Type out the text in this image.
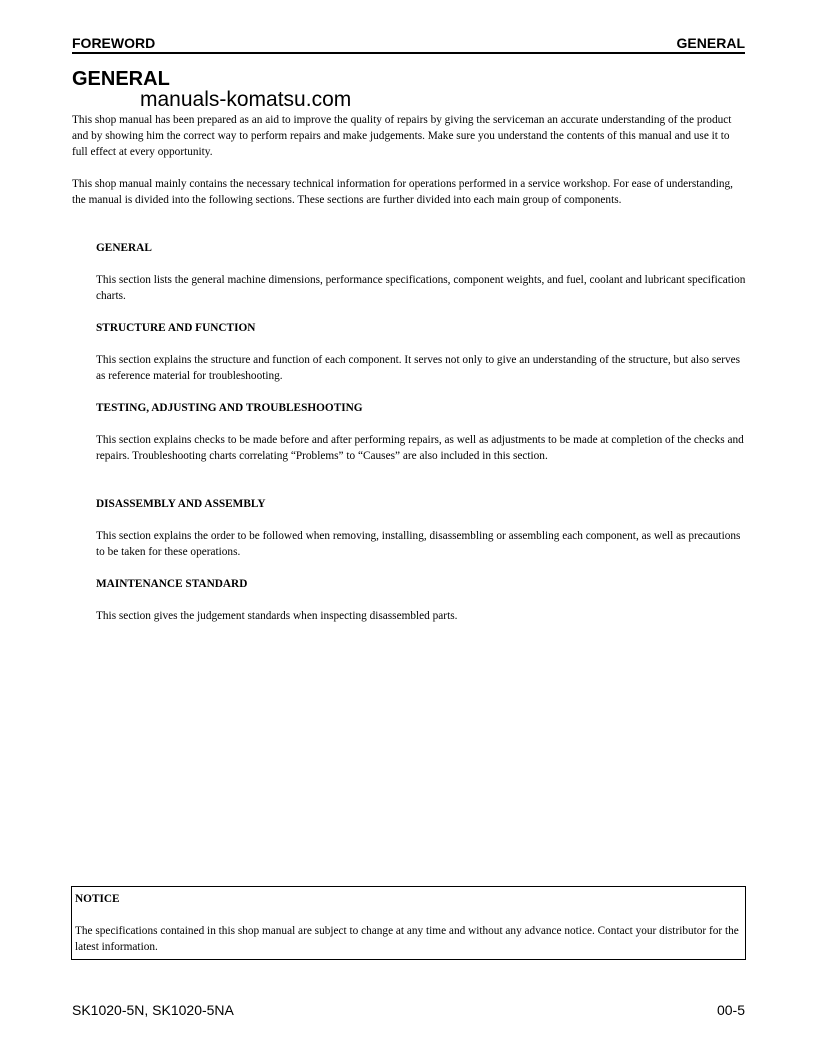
FOREWORD	GENERAL
GENERAL
manuals-komatsu.com

This shop manual has been prepared as an aid to improve the quality of repairs by giving the serviceman an accurate understanding of the product and by showing him the correct way to perform repairs and make judgements. Make sure you understand the contents of this manual and use it to full effect at every opportunity.

This shop manual mainly contains the necessary technical information for operations performed in a service workshop. For ease of understanding, the manual is divided into the following sections. These sections are further divided into each main group of components.

GENERAL

This section lists the general machine dimensions, performance specifications, component weights, and fuel, coolant and lubricant specification charts.

STRUCTURE AND FUNCTION

This section explains the structure and function of each component. It serves not only to give an understanding of the structure, but also serves as reference material for troubleshooting.

TESTING, ADJUSTING AND TROUBLESHOOTING

This section explains checks to be made before and after performing repairs, as well as adjustments to be made at completion of the checks and repairs. Troubleshooting charts correlating “Problems” to “Causes” are also included in this section.

DISASSEMBLY AND ASSEMBLY

This section explains the order to be followed when removing, installing, disassembling or assembling each component, as well as precautions to be taken for these operations.

MAINTENANCE STANDARD

This section gives the judgement standards when inspecting disassembled parts.

NOTICE
The specifications contained in this shop manual are subject to change at any time and without any advance notice. Contact your distributor for the latest information.
SK1020-5N, SK1020-5NA	00-5
